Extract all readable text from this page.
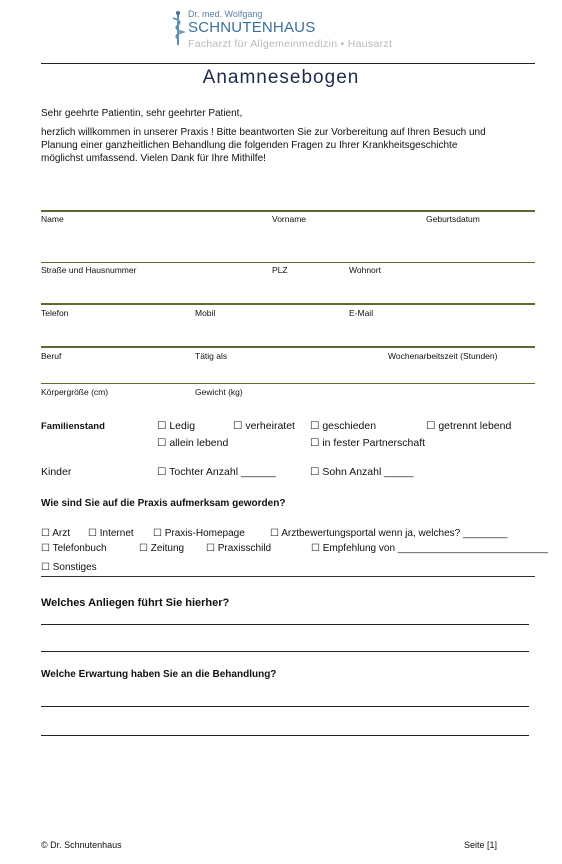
Dr. med. Wolfgang
SCHNUTENHAUS
Facharzt für Allgemeinmedizin • Hausarzt
Anamnesebogen
Sehr geehrte Patientin, sehr geehrter Patient,
herzlich willkommen in unserer Praxis ! Bitte beantworten Sie zur Vorbereitung auf Ihren Besuch und
Planung einer ganzheitlichen Behandlung die folgenden Fragen zu Ihrer Krankheitsgeschichte
möglichst umfassend. Vielen Dank für Ihre Mithilfe!
Name	Vorname	Geburtsdatum
Straße und Hausnummer	PLZ	Wohnort
Telefon	Mobil	E-Mail
Beruf	Tätig als	Wochenarbeitszeit (Stunden)
Körpergröße (cm)	Gewicht (kg)
Familienstand	☐ Ledig	☐ verheiratet ☐ geschieden	☐ getrennt lebend
☐ allein lebend	☐ in fester Partnerschaft
Kinder	☐ Tochter Anzahl ______	☐ Sohn Anzahl _____
Wie sind Sie auf die Praxis aufmerksam geworden?
☐ Arzt ☐ Internet ☐ Praxis-Homepage	☐ Arztbewertungsportal wenn ja, welches? ________
☐ Telefonbuch	☐ Zeitung ☐ Praxisschild	☐ Empfehlung von ___________________________
☐ Sonstiges
Welches Anliegen führt Sie hierher?
Welche Erwartung haben Sie an die Behandlung?
© Dr. Schnutenhaus	Seite [1]
